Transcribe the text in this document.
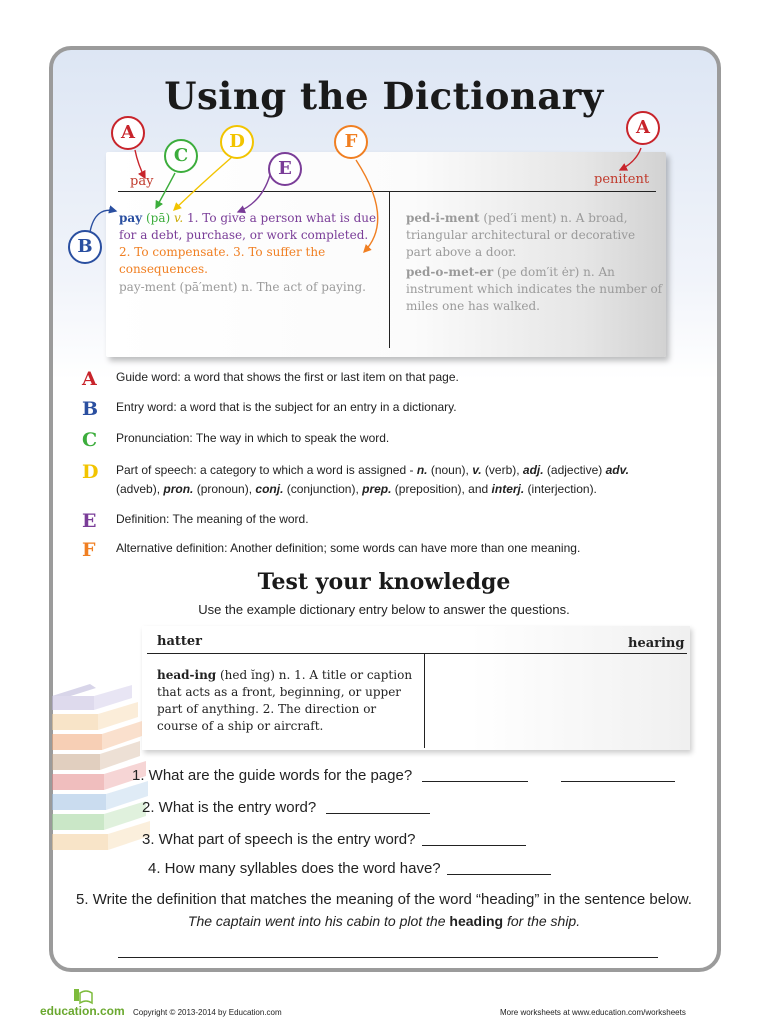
Using the Dictionary
pay	penitent
pay (pā) v. 1. To give a person what is due
for a debt, purchase, or work completed.
2. To compensate. 3. To suffer the consequences.
pay-ment (pā′ment) n. The act of paying.
ped-i-ment (ped′i ment) n. A broad, triangular architectural or decorative part above a door.
ped-o-met-er (pe dom′it ėr) n. An instrument which indicates the number of miles one has walked.
A	A
B
C
D
E
F
A Guide word: a word that shows the first or last item on that page.
B Entry word: a word that is the subject for an entry in a dictionary.
C Pronunciation: The way in which to speak the word.
D Part of speech: a category to which a word is assigned - n. (noun), v. (verb), adj. (adjective) adv.
(adveb), pron. (pronoun), conj. (conjunction), prep. (preposition), and interj. (interjection).
E Definition: The meaning of the word.
F Alternative definition: Another definition; some words can have more than one meaning.
Test your knowledge
Use the example dictionary entry below to answer the questions.
hatter	hearing
head-ing (hed ĭng) n. 1. A title or caption that acts as a front, beginning, or upper part of anything. 2. The direction or course of a ship or aircraft.
1. What are the guide words for the page?
2. What is the entry word?
3. What part of speech is the entry word?
4. How many syllables does the word have?
5. Write the definition that matches the meaning of the word “heading” in the sentence below.
The captain went into his cabin to plot the heading for the ship.
education.com Copyright © 2013-2014 by Education.com	More worksheets at www.education.com/worksheets
